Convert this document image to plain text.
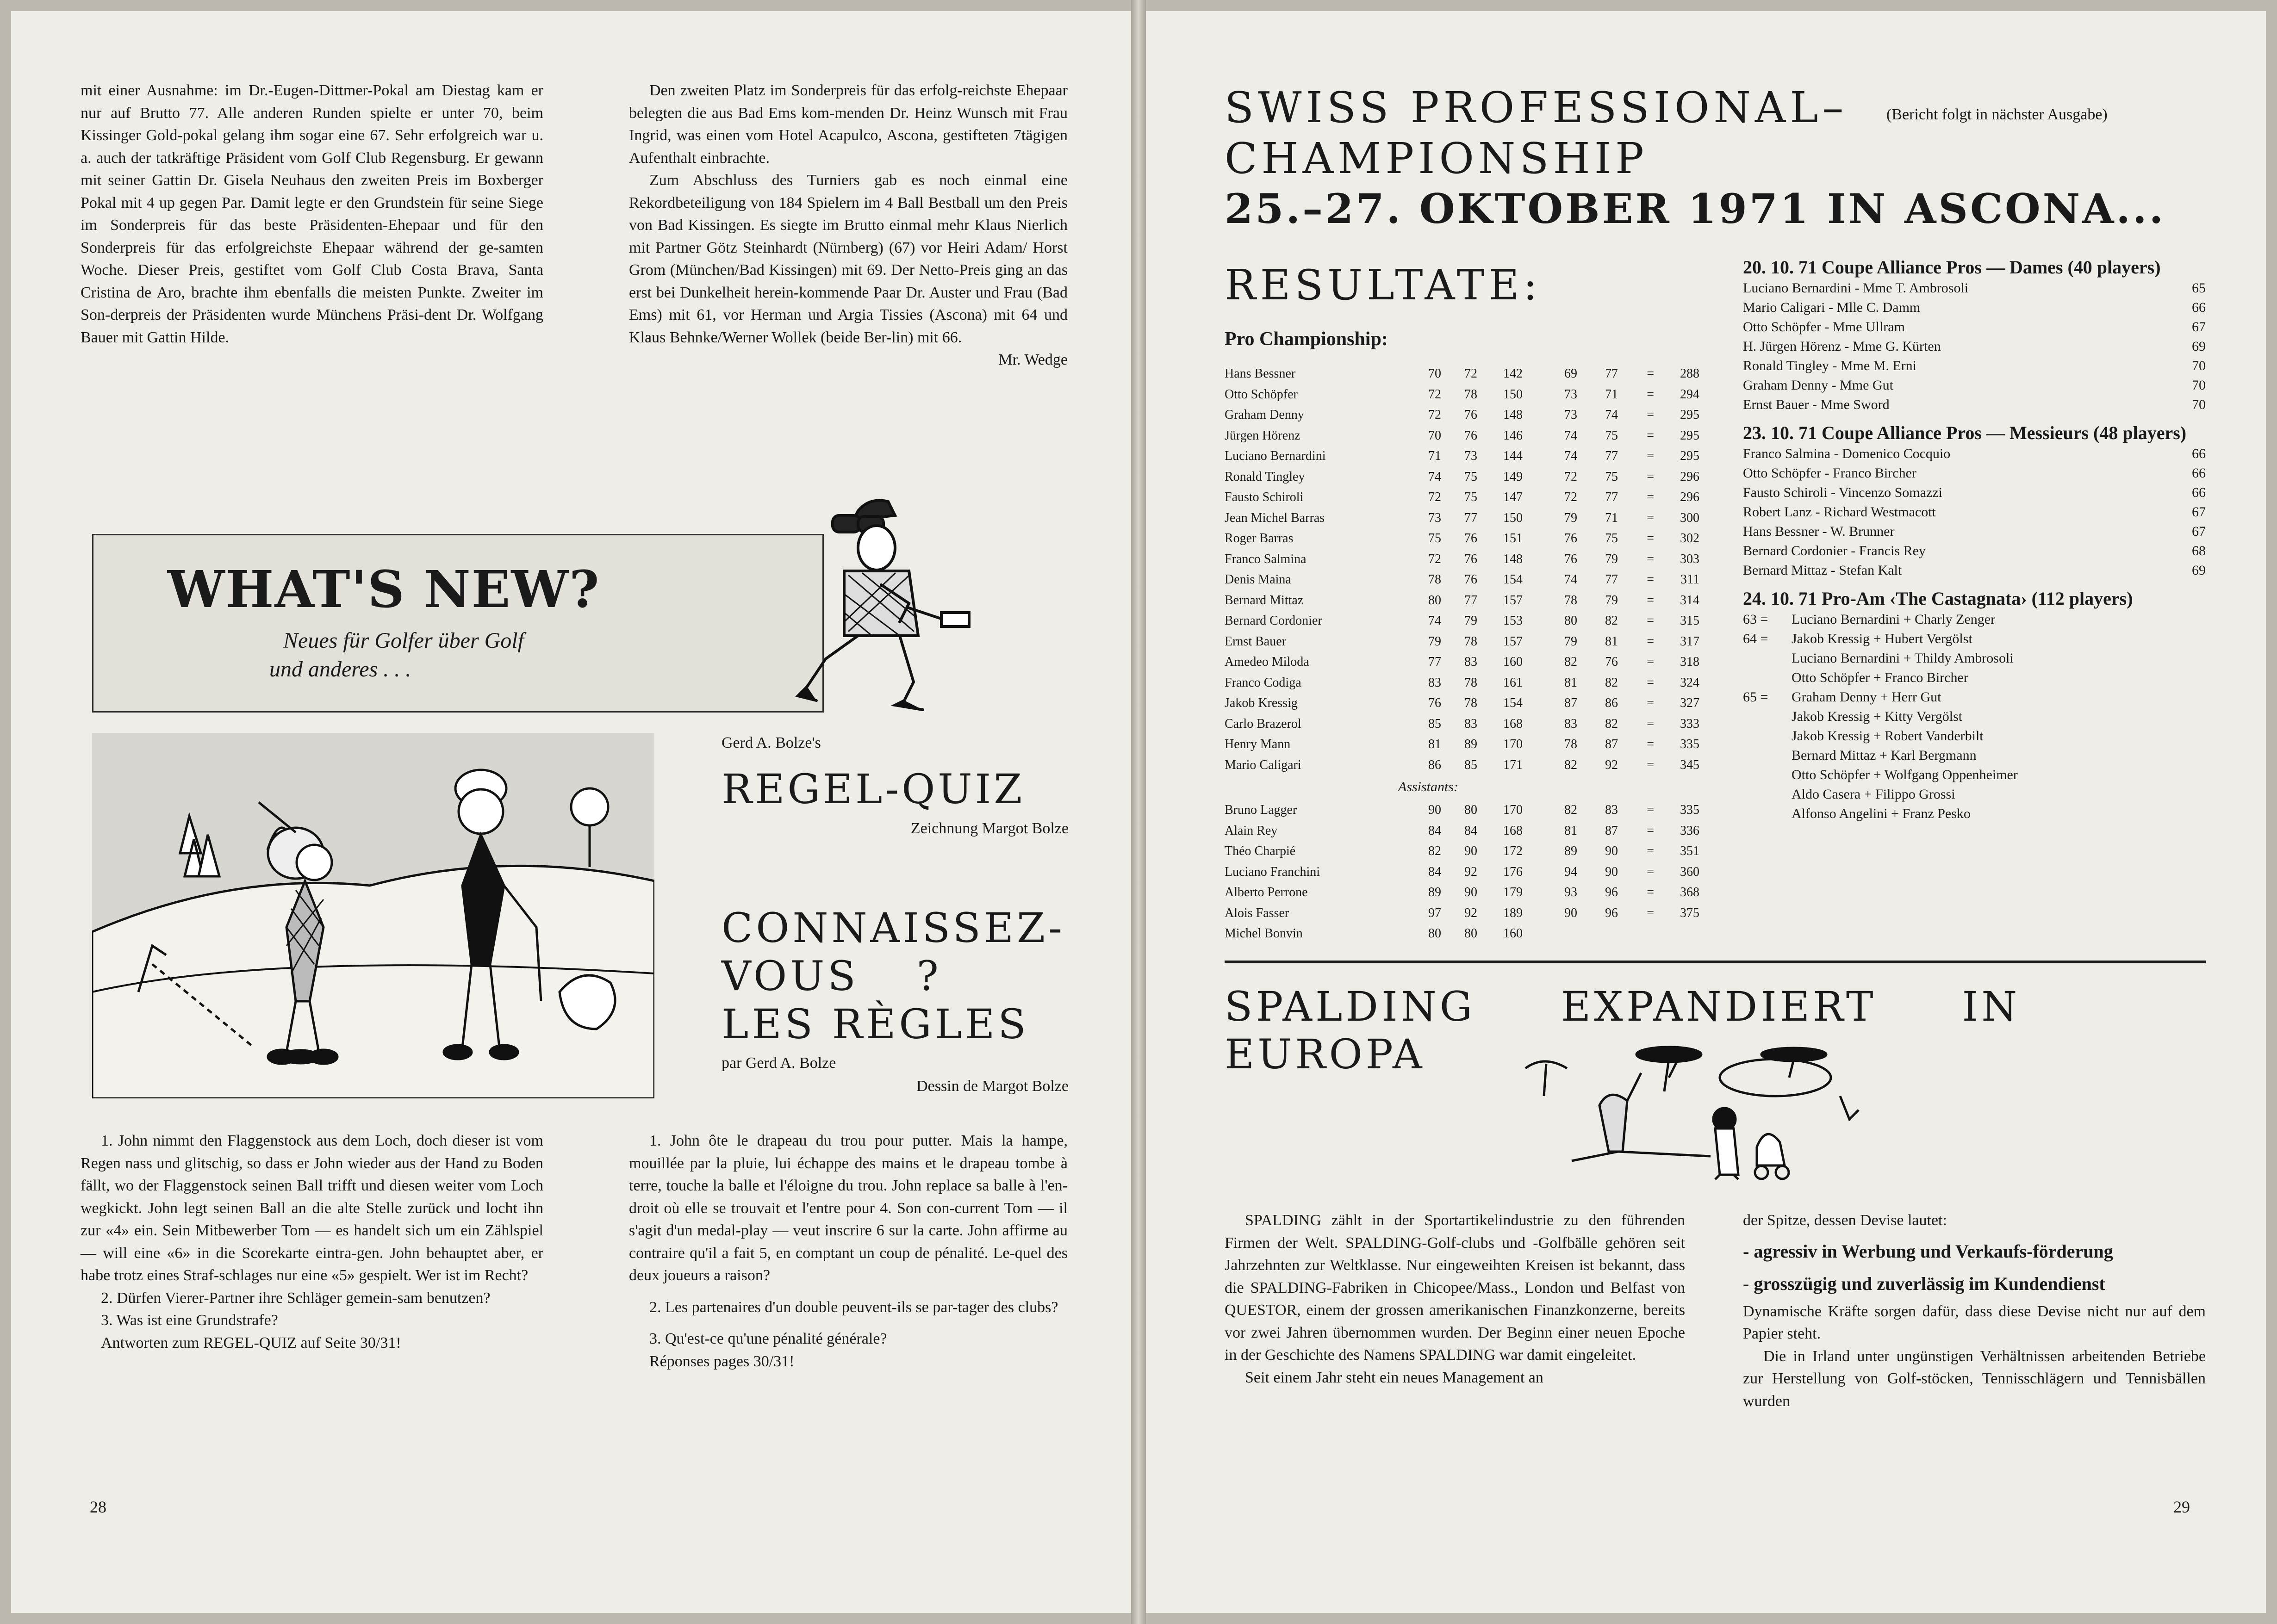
mit einer Ausnahme: im Dr.-Eugen-Dittmer-Pokal am Diestag kam er nur auf Brutto 77. Alle anderen Runden spielte er unter 70, beim Kissinger Gold-pokal gelang ihm sogar eine 67. Sehr erfolgreich war u. a. auch der tatkräftige Präsident vom Golf Club Regensburg. Er gewann mit seiner Gattin Dr. Gisela Neuhaus den zweiten Preis im Boxberger Pokal mit 4 up gegen Par. Damit legte er den Grundstein für seine Siege im Sonderpreis für das beste Präsidenten-Ehepaar und für den Sonderpreis für das erfolgreichste Ehepaar während der ge-samten Woche. Dieser Preis, gestiftet vom Golf Club Costa Brava, Santa Cristina de Aro, brachte ihm ebenfalls die meisten Punkte. Zweiter im Son-derpreis der Präsidenten wurde Münchens Präsi-dent Dr. Wolfgang Bauer mit Gattin Hilde.

Den zweiten Platz im Sonderpreis für das erfolg-reichste Ehepaar belegten die aus Bad Ems kom-menden Dr. Heinz Wunsch mit Frau Ingrid, was einen vom Hotel Acapulco, Ascona, gestifteten 7tägigen Aufenthalt einbrachte.

Zum Abschluss des Turniers gab es noch einmal eine Rekordbeteiligung von 184 Spielern im 4 Ball Bestball um den Preis von Bad Kissingen. Es siegte im Brutto einmal mehr Klaus Nierlich mit Partner Götz Steinhardt (Nürnberg) (67) vor Heiri Adam/ Horst Grom (München/Bad Kissingen) mit 69. Der Netto-Preis ging an das erst bei Dunkelheit herein-kommende Paar Dr. Auster und Frau (Bad Ems) mit 61, vor Herman und Argia Tissies (Ascona) mit 64 und Klaus Behnke/Werner Wollek (beide Ber-lin) mit 66.

Mr. Wedge

WHAT'S NEW?
Neues für Golfer über Golf
und anderes . . .
Gerd A. Bolze's
REGEL-QUIZ
Zeichnung Margot Bolze
CONNAISSEZ-
VOUS ?
LES RÈGLES
par Gerd A. Bolze
Dessin de Margot Bolze

1. John nimmt den Flaggenstock aus dem Loch, doch dieser ist vom Regen nass und glitschig, so dass er John wieder aus der Hand zu Boden fällt, wo der Flaggenstock seinen Ball trifft und diesen weiter vom Loch wegkickt. John legt seinen Ball an die alte Stelle zurück und locht ihn zur «4» ein. Sein Mitbewerber Tom — es handelt sich um ein Zählspiel — will eine «6» in die Scorekarte eintra-gen. John behauptet aber, er habe trotz eines Straf-schlages nur eine «5» gespielt. Wer ist im Recht?

2. Dürfen Vierer-Partner ihre Schläger gemein-sam benutzen?

3. Was ist eine Grundstrafe?

Antworten zum REGEL-QUIZ auf Seite 30/31!

1. John ôte le drapeau du trou pour putter. Mais la hampe, mouillée par la pluie, lui échappe des mains et le drapeau tombe à terre, touche la balle et l'éloigne du trou. John replace sa balle à l'en-droit où elle se trouvait et l'entre pour 4. Son con-current Tom — il s'agit d'un medal-play — veut inscrire 6 sur la carte. John affirme au contraire qu'il a fait 5, en comptant un coup de pénalité. Le-quel des deux joueurs a raison?

2. Les partenaires d'un double peuvent-ils se par-tager des clubs?

3. Qu'est-ce qu'une pénalité générale?

Réponses pages 30/31!

28
SWISS PROFESSIONAL– (Bericht folgt in nächster Ausgabe)
CHAMPIONSHIP
25.–27. OKTOBER 1971 IN ASCONA...
RESULTATE:
Pro Championship:
Hans Bessner	70	72	142	69	77	=	288
Otto Schöpfer	72	78	150	73	71	=	294
Graham Denny	72	76	148	73	74	=	295
Jürgen Hörenz	70	76	146	74	75	=	295
Luciano Bernardini	71	73	144	74	77	=	295
Ronald Tingley	74	75	149	72	75	=	296
Fausto Schiroli	72	75	147	72	77	=	296
Jean Michel Barras	73	77	150	79	71	=	300
Roger Barras	75	76	151	76	75	=	302
Franco Salmina	72	76	148	76	79	=	303
Denis Maina	78	76	154	74	77	=	311
Bernard Mittaz	80	77	157	78	79	=	314
Bernard Cordonier	74	79	153	80	82	=	315
Ernst Bauer	79	78	157	79	81	=	317
Amedeo Miloda	77	83	160	82	76	=	318
Franco Codiga	83	78	161	81	82	=	324
Jakob Kressig	76	78	154	87	86	=	327
Carlo Brazerol	85	83	168	83	82	=	333
Henry Mann	81	89	170	78	87	=	335
Mario Caligari	86	85	171	82	92	=	345
Assistants:
Bruno Lagger	90	80	170	82	83	=	335
Alain Rey	84	84	168	81	87	=	336
Théo Charpié	82	90	172	89	90	=	351
Luciano Franchini	84	92	176	94	90	=	360
Alberto Perrone	89	90	179	93	96	=	368
Alois Fasser	97	92	189	90	96	=	375
Michel Bonvin	80	80	160				
20. 10. 71 Coupe Alliance Pros — Dames (40 players)
Luciano Bernardini - Mme T. Ambrosoli	65
Mario Caligari - Mlle C. Damm	66
Otto Schöpfer - Mme Ullram	67
H. Jürgen Hörenz - Mme G. Kürten	69
Ronald Tingley - Mme M. Erni	70
Graham Denny - Mme Gut	70
Ernst Bauer - Mme Sword	70
23. 10. 71 Coupe Alliance Pros — Messieurs (48 players)
Franco Salmina - Domenico Cocquio	66
Otto Schöpfer - Franco Bircher	66
Fausto Schiroli - Vincenzo Somazzi	66
Robert Lanz - Richard Westmacott	67
Hans Bessner - W. Brunner	67
Bernard Cordonier - Francis Rey	68
Bernard Mittaz - Stefan Kalt	69
24. 10. 71 Pro-Am ‹The Castagnata› (112 players)
63 =	Luciano Bernardini + Charly Zenger
64 =	Jakob Kressig + Hubert Vergölst
Luciano Bernardini + Thildy Ambrosoli
Otto Schöpfer + Franco Bircher
65 =	Graham Denny + Herr Gut
Jakob Kressig + Kitty Vergölst
Jakob Kressig + Robert Vanderbilt
Bernard Mittaz + Karl Bergmann
Otto Schöpfer + Wolfgang Oppenheimer
Aldo Casera + Filippo Grossi
Alfonso Angelini + Franz Pesko
SPALDING EXPANDIERT IN EUROPA

SPALDING zählt in der Sportartikelindustrie zu den führenden Firmen der Welt. SPALDING-Golf-clubs und -Golfbälle gehören seit Jahrzehnten zur Weltklasse. Nur eingeweihten Kreisen ist bekannt, dass die SPALDING-Fabriken in Chicopee/Mass., London und Belfast von QUESTOR, einem der grossen amerikanischen Finanzkonzerne, bereits vor zwei Jahren übernommen wurden. Der Beginn einer neuen Epoche in der Geschichte des Namens SPALDING war damit eingeleitet.

Seit einem Jahr steht ein neues Management an

der Spitze, dessen Devise lautet:

- agressiv in Werbung und Verkaufs-förderung

- grosszügig und zuverlässig im Kundendienst

Dynamische Kräfte sorgen dafür, dass diese Devise nicht nur auf dem Papier steht.

Die in Irland unter ungünstigen Verhältnissen arbeitenden Betriebe zur Herstellung von Golf-stöcken, Tennisschlägern und Tennisbällen wurden

29
